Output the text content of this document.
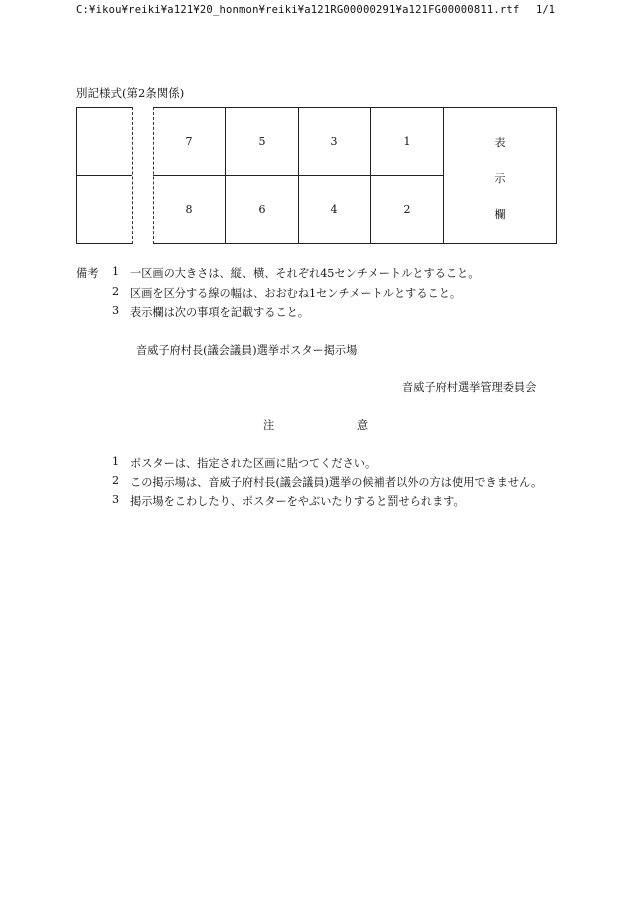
C:¥ikou¥reiki¥a121¥20_honmon¥reiki¥a121RG00000291¥a121FG00000811.rtf 1/1
別記様式(第2条関係)
7	5	3	1
8	6	4	2
表
示
欄
備考 1 一区画の大きさは、縦、横、それぞれ45センチメートルとすること。
2 区画を区分する線の幅は、おおむね1センチメートルとすること。
3 表示欄は次の事項を記載すること。
音威子府村長(議会議員)選挙ポスター掲示場
音威子府村選挙管理委員会
注	意
1 ポスターは、指定された区画に貼つてください。
2 この掲示場は、音威子府村長(議会議員)選挙の候補者以外の方は使用できません。
3 掲示場をこわしたり、ポスターをやぶいたりすると罰せられます。
